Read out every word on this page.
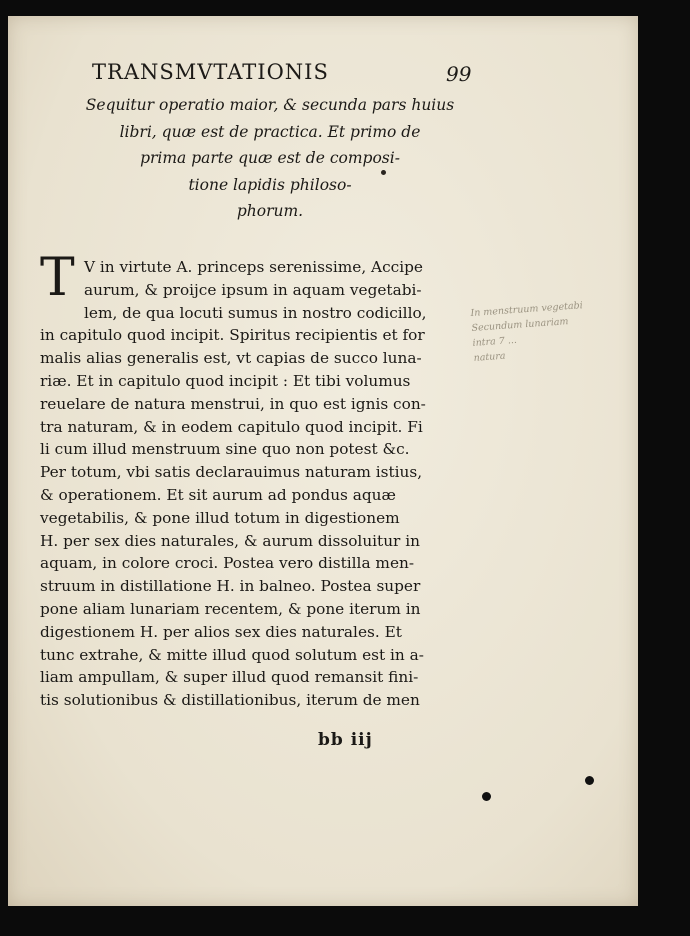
TRANSMVTATIONIS	99
Sequitur operatio maior, & secunda pars huius
libri, quæ est de practica. Et primo de
prima parte quæ est de composi-
tione lapidis philoso-
phorum.
T V in virtute A. princeps serenissime, Accipe
aurum, & proijce ipsum in aquam vegetabi-
lem, de qua locuti sumus in nostro codicillo,
in capitulo quod incipit. Spiritus recipientis et for
malis alias generalis est, vt capias de succo luna-
riæ. Et in capitulo quod incipit : Et tibi volumus
reuelare de natura menstrui, in quo est ignis con-
tra naturam, & in eodem capitulo quod incipit. Fi
li cum illud menstruum sine quo non potest &c.
Per totum, vbi satis declarauimus naturam istius,
& operationem. Et sit aurum ad pondus aquæ
vegetabilis, & pone illud totum in digestionem
H. per sex dies naturales, & aurum dissoluitur in
aquam, in colore croci. Postea vero distilla men-
struum in distillatione H. in balneo. Postea super
pone aliam lunariam recentem, & pone iterum in
digestionem H. per alios sex dies naturales. Et
tunc extrahe, & mitte illud quod solutum est in a-
liam ampullam, & super illud quod remansit fini-
tis solutionibus & distillationibus, iterum de men
bb iij
In menstruum vegetabi
Secundum lunariam
intra 7 ...
natura
